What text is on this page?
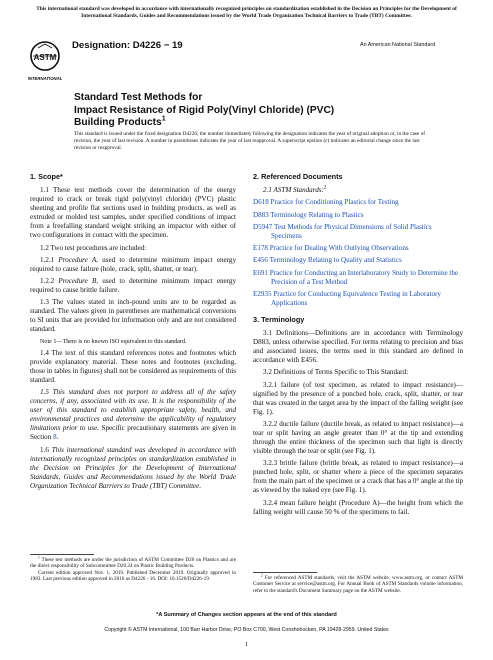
This international standard was developed in accordance with internationally recognized principles on standardization established in the Decision on Principles for the Development of International Standards, Guides and Recommendations issued by the World Trade Organization Technical Barriers to Trade (TBT) Committee.
ASTM
INTERNATIONAL
Designation: D4226 − 19	An American National Standard
Standard Test Methods for
Impact Resistance of Rigid Poly(Vinyl Chloride) (PVC)
Building Products$^1$
This standard is issued under the fixed designation D4226; the number immediately following the designation indicates the year of original adoption or, in the case of revision, the year of last revision. A number in parentheses indicates the year of last reapproval. A superscript epsilon (ε) indicates an editorial change since the last revision or reapproval.
1. Scope*

1.1 These test methods cover the determination of the energy required to crack or break rigid poly(vinyl chloride) (PVC) plastic sheeting and profile flat sections used in building products, as well as extruded or molded test samples, under specified conditions of impact from a freefalling standard weight striking an impactor with either of two configurations in contact with the specimen.

1.2 Two test procedures are included:

1.2.1 Procedure A, used to determine minimum impact energy required to cause failure (hole, crack, split, shatter, or tear).

1.2.2 Procedure B, used to determine minimum impact energy required to cause brittle failure.

1.3 The values stated in inch-pound units are to be regarded as standard. The values given in parentheses are mathematical conversions to SI units that are provided for information only and are not considered standard.

Note 1—There is no known ISO equivalent to this standard.

1.4 The text of this standard references notes and footnotes which provide explanatory material. These notes and footnotes (excluding, those in tables in figures) shall not be considered as requirements of this standard.

1.5 This standard does not purport to address all of the safety concerns, if any, associated with its use. It is the responsibility of the user of this standard to establish appropriate safety, health, and environmental practices and determine the applicability of regulatory limitations prior to use. Specific precautionary statements are given in Section 8.

1.6 This international standard was developed in accordance with internationally recognized principles on standardization established in the Decision on Principles for the Development of International Standards, Guides and Recommendations issued by the World Trade Organization Technical Barriers to Trade (TBT) Committee.

$^1$ These test methods are under the jurisdiction of ASTM Committee D20 on Plastics and are the direct responsibility of Subcommittee D20.24 on Plastic Building Products.
Current edition approved Nov. 1, 2019. Published December 2019. Originally approved in 1983. Last previous edition approved in 2016 as D4226 - 16. DOI: 10.1520/D4226-19.
2. Referenced Documents

2.1 ASTM Standards:$^2$

D618 Practice for Conditioning Plastics for Testing

D883 Terminology Relating to Plastics

D5947 Test Methods for Physical Dimensions of Solid Plastics Specimens

E178 Practice for Dealing With Outlying Observations

E456 Terminology Relating to Quality and Statistics

E691 Practice for Conducting an Interlaboratory Study to Determine the Precision of a Test Method

E2935 Practice for Conducting Equivalence Testing in Laboratory Applications

3. Terminology

3.1 Definitions—Definitions are in accordance with Terminology D883, unless otherwise specified. For terms relating to precision and bias and associated issues, the terms used in this standard are defined in accordance with E456.

3.2 Definitions of Terms Specific to This Standard:

3.2.1 failure (of test specimen, as related to impact resistance)—signified by the presence of a punched hole, crack, split, shatter, or tear that was created in the target area by the impact of the falling weight (see Fig. 1).

3.2.2 ductile failure (ductile break, as related to impact resistance)—a tear or split having an angle greater than 0° at the tip and extending through the entire thickness of the specimen such that light is directly visible through the tear or split (see Fig. 1).

3.2.3 brittle failure (brittle break, as related to impact resistance)—a punched hole, split, or shatter where a piece of the specimen separates from the main part of the specimen or a crack that has a 0° angle at the tip as viewed by the naked eye (see Fig. 1).

3.2.4 mean failure height (Procedure A)—the height from which the falling weight will cause 50 % of the specimens to fail.

$^2$ For referenced ASTM standards, visit the ASTM website, www.astm.org, or contact ASTM Customer Service at service@astm.org. For Annual Book of ASTM Standards volume information, refer to the standard's Document Summary page on the ASTM website.
*A Summary of Changes section appears at the end of this standard
Copyright © ASTM International, 100 Barr Harbor Drive, PO Box C700, West Conshohocken, PA 19428-2959. United States
1
